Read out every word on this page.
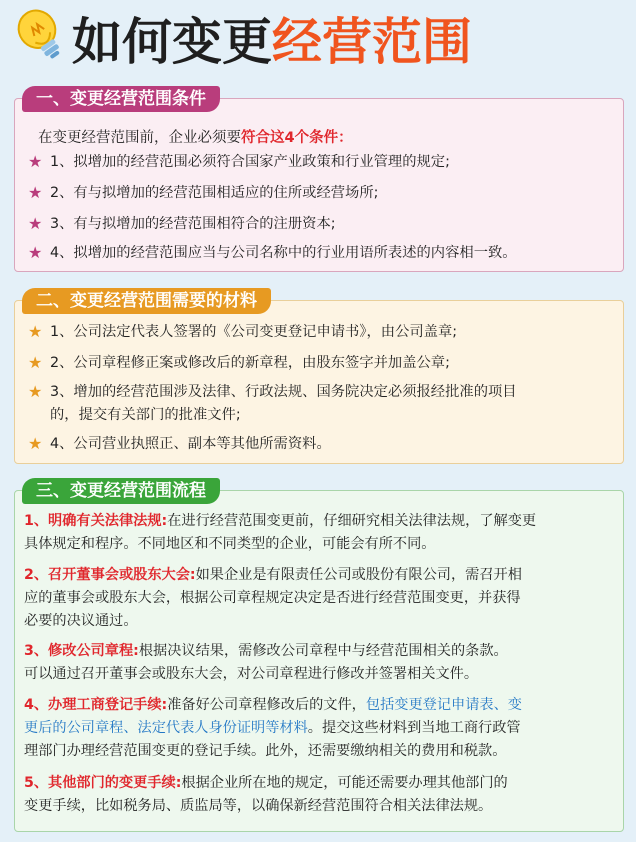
如何变更经营范围
一、变更经营范围条件
在变更经营范围前，企业必须要符合这4个条件：
★ 1、拟增加的经营范围必须符合国家产业政策和行业管理的规定;
★ 2、有与拟增加的经营范围相适应的住所或经营场所;
★ 3、有与拟增加的经营范围相符合的注册资本;
★ 4、拟增加的经营范围应当与公司名称中的行业用语所表述的内容相一致。
二、变更经营范围需要的材料
★ 1、公司法定代表人签署的《公司变更登记申请书》，由公司盖章;
★ 2、公司章程修正案或修改后的新章程，由股东签字并加盖公章;
★ 3、增加的经营范围涉及法律、行政法规、国务院决定必须报经批准的项目
的，提交有关部门的批准文件;
★ 4、公司营业执照正、副本等其他所需资料。
三、变更经营范围流程
1、明确有关法律法规:在进行经营范围变更前，仔细研究相关法律法规，了解变更
具体规定和程序。不同地区和不同类型的企业，可能会有所不同。
2、召开董事会或股东大会:如果企业是有限责任公司或股份有限公司，需召开相
应的董事会或股东大会，根据公司章程规定决定是否进行经营范围变更，并获得
必要的决议通过。
3、修改公司章程:根据决议结果，需修改公司章程中与经营范围相关的条款。
可以通过召开董事会或股东大会，对公司章程进行修改并签署相关文件。
4、办理工商登记手续:准备好公司章程修改后的文件，包括变更登记申请表、变
更后的公司章程、法定代表人身份证明等材料。提交这些材料到当地工商行政管
理部门办理经营范围变更的登记手续。此外，还需要缴纳相关的费用和税款。
5、其他部门的变更手续:根据企业所在地的规定，可能还需要办理其他部门的
变更手续，比如税务局、质监局等，以确保新经营范围符合相关法律法规。
